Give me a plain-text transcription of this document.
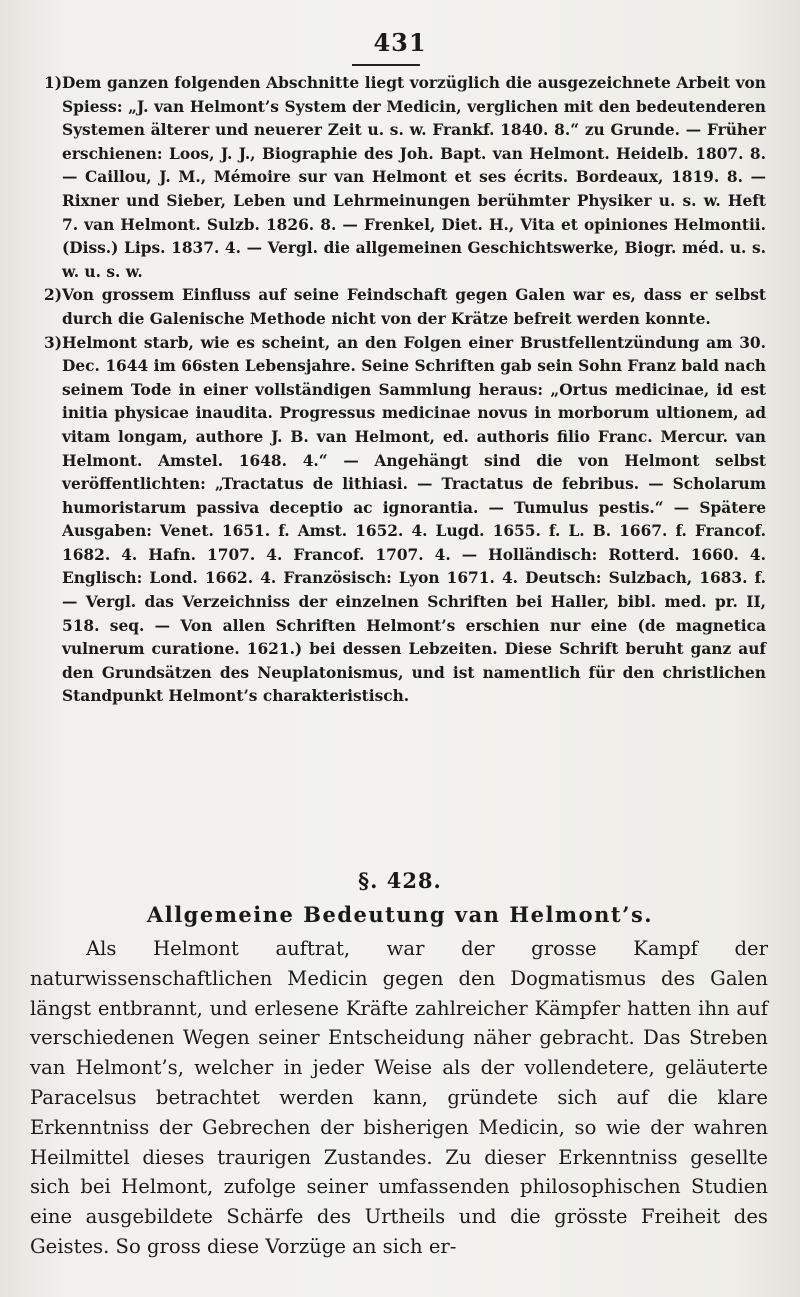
431
1)Dem ganzen folgenden Abschnitte liegt vorzüglich die ausgezeichnete Arbeit von Spiess: „J. van Helmont’s System der Medicin, verglichen mit den bedeutenderen Systemen älterer und neuerer Zeit u. s. w. Frankf. 1840. 8.“ zu Grunde. — Früher erschienen: Loos, J. J., Biographie des Joh. Bapt. van Helmont. Heidelb. 1807. 8. — Caillou, J. M., Mémoire sur van Helmont et ses écrits. Bordeaux, 1819. 8. — Rixner und Sieber, Leben und Lehrmeinungen berühmter Physiker u. s. w. Heft 7. van Helmont. Sulzb. 1826. 8. — Frenkel, Diet. H., Vita et opiniones Helmontii. (Diss.) Lips. 1837. 4. — Vergl. die allgemeinen Geschichtswerke, Biogr. méd. u. s. w. u. s. w.
2)Von grossem Einfluss auf seine Feindschaft gegen Galen war es, dass er selbst durch die Galenische Methode nicht von der Krätze befreit werden konnte.
3)Helmont starb, wie es scheint, an den Folgen einer Brustfellentzündung am 30. Dec. 1644 im 66sten Lebensjahre. Seine Schriften gab sein Sohn Franz bald nach seinem Tode in einer vollständigen Sammlung heraus: „Ortus medicinae, id est initia physicae inaudita. Progressus medicinae novus in morborum ultionem, ad vitam longam, authore J. B. van Helmont, ed. authoris filio Franc. Mercur. van Helmont. Amstel. 1648. 4.“ — Angehängt sind die von Helmont selbst veröffentlichten: „Tractatus de lithiasi. — Tractatus de febribus. — Scholarum humoristarum passiva deceptio ac ignorantia. — Tumulus pestis.“ — Spätere Ausgaben: Venet. 1651. f. Amst. 1652. 4. Lugd. 1655. f. L. B. 1667. f. Francof. 1682. 4. Hafn. 1707. 4. Francof. 1707. 4. — Holländisch: Rotterd. 1660. 4. Englisch: Lond. 1662. 4. Französisch: Lyon 1671. 4. Deutsch: Sulzbach, 1683. f. — Vergl. das Verzeichniss der einzelnen Schriften bei Haller, bibl. med. pr. II, 518. seq. — Von allen Schriften Helmont’s erschien nur eine (de magnetica vulnerum curatione. 1621.) bei dessen Lebzeiten. Diese Schrift beruht ganz auf den Grundsätzen des Neuplatonismus, und ist namentlich für den christlichen Standpunkt Helmont’s charakteristisch.
§. 428.
Allgemeine Bedeutung van Helmont’s.

Als Helmont auftrat, war der grosse Kampf der naturwissenschaftlichen Medicin gegen den Dogmatismus des Galen längst entbrannt, und erlesene Kräfte zahlreicher Kämpfer hatten ihn auf verschiedenen Wegen seiner Entscheidung näher gebracht. Das Streben van Helmont’s, welcher in jeder Weise als der vollendetere, geläuterte Paracelsus betrachtet werden kann, gründete sich auf die klare Erkenntniss der Gebrechen der bisherigen Medicin, so wie der wahren Heilmittel dieses traurigen Zustandes. Zu dieser Erkenntniss gesellte sich bei Helmont, zufolge seiner umfassenden philosophischen Studien eine ausgebildete Schärfe des Urtheils und die grösste Freiheit des Geistes. So gross diese Vorzüge an sich er-
